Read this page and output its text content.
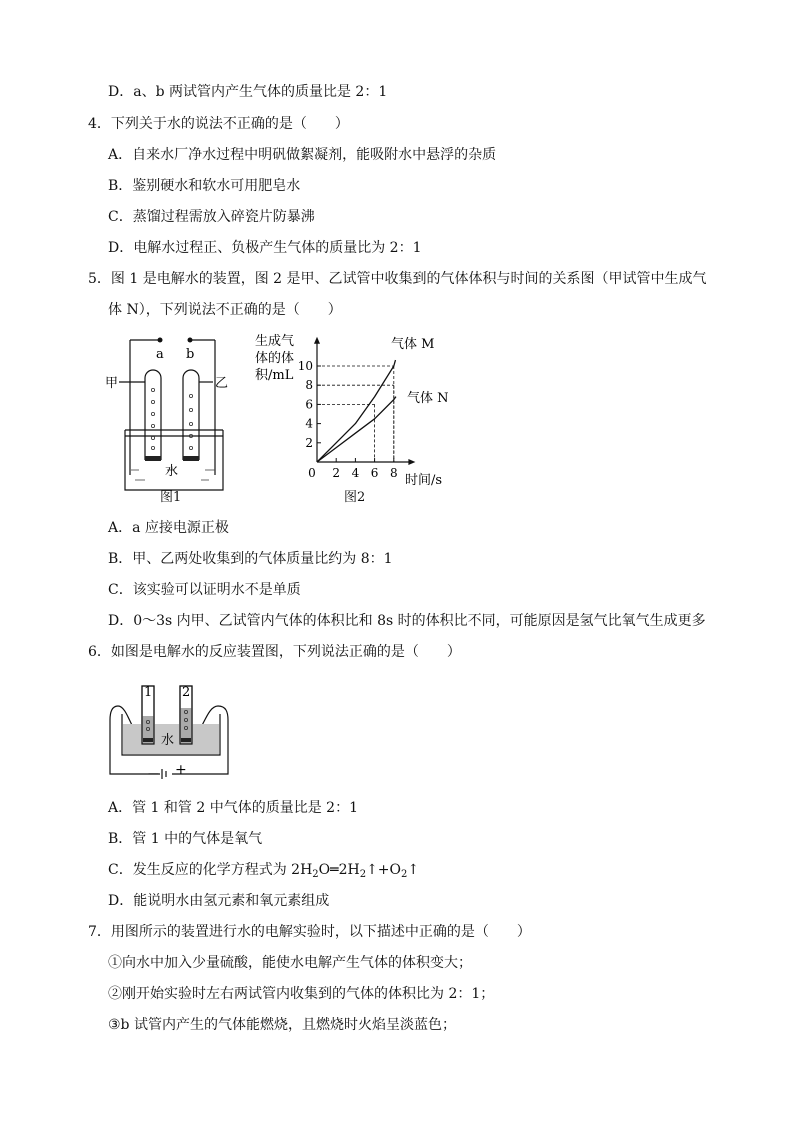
D．a、b 两试管内产生气体的质量比是 2：1
4．下列关于水的说法不正确的是（　　）
A．自来水厂净水过程中明矾做絮凝剂，能吸附水中悬浮的杂质
B．鉴别硬水和软水可用肥皂水
C．蒸馏过程需放入碎瓷片防暴沸
D．电解水过程正、负极产生气体的质量比为 2：1
5．图 1 是电解水的装置，图 2 是甲、乙试管中收集到的气体体积与时间的关系图（甲试管中生成气
体 N），下列说法不正确的是（　　）
a b
甲	乙
水
图1
生成气
体的体
积/mL
时间/s
10
8
6
4
2
0 2 4 6 8
气体 M
气体 N
图2
A．a 应接电源正极
B．甲、乙两处收集到的气体质量比约为 8：1
C．该实验可以证明水不是单质
D．0～3s 内甲、乙试管内气体的体积比和 8s 时的体积比不同，可能原因是氢气比氧气生成更多
6．如图是电解水的反应装置图，下列说法正确的是（　　）
1 2
水
— +
A．管 1 和管 2 中气体的质量比是 2：1
B．管 1 中的气体是氧气
C．发生反应的化学方程式为 $2H_2O═2H_2↑+O_2↑$
D．能说明水由氢元素和氧元素组成
7．用图所示的装置进行水的电解实验时，以下描述中正确的是（　　）
①向水中加入少量硫酸，能使水电解产生气体的体积变大；
②刚开始实验时左右两试管内收集到的气体的体积比为 2：1；
③b 试管内产生的气体能燃烧，且燃烧时火焰呈淡蓝色；
